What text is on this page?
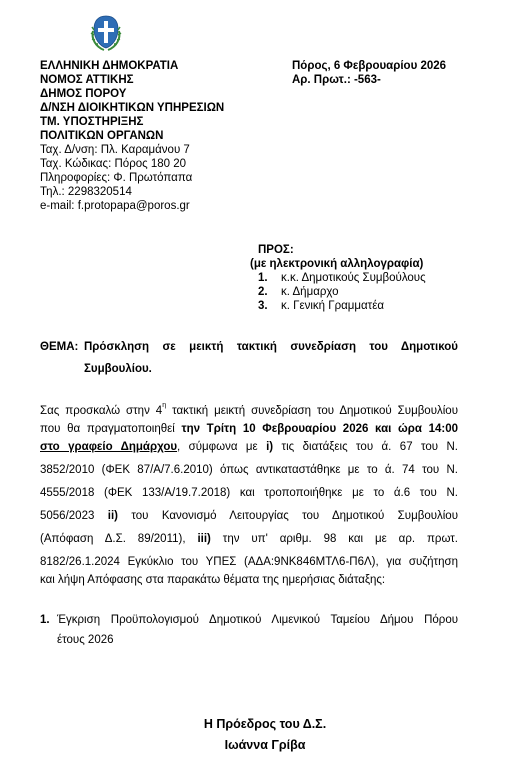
ΕΛΛΗΝΙΚΗ ΔΗΜΟΚΡΑΤΙΑ
ΝΟΜΟΣ ΑΤΤΙΚΗΣ
ΔΗΜΟΣ ΠΟΡΟΥ
Δ/ΝΣΗ ΔΙΟΙΚΗΤΙΚΩΝ ΥΠΗΡΕΣΙΩΝ
ΤΜ. ΥΠΟΣΤΗΡΙΞΗΣ
ΠΟΛΙΤΙΚΩΝ ΟΡΓΑΝΩΝ
Ταχ. Δ/νση: Πλ. Καραμάνου 7
Ταχ. Κώδικας: Πόρος 180 20
Πληροφορίες: Φ. Πρωτόπαπα
Τηλ.: 2298320514
e-mail: f.protopapa@poros.gr
Πόρος, 6 Φεβρουαρίου 2026
Αρ. Πρωτ.: -563-
ΠΡΟΣ:
(με ηλεκτρονική αλληλογραφία)
1. κ.κ. Δημοτικούς Συμβούλους
2. κ. Δήμαρχο
3. κ. Γενική Γραμματέα
ΘΕΜΑ: Πρόσκληση σε μεικτή τακτική συνεδρίαση του Δημοτικού
Συμβουλίου.
Σας προσκαλώ στην $4^\eta$ τακτική μεικτή συνεδρίαση του Δημοτικού Συμβουλίου
που θα πραγματοποιηθεί την Τρίτη 10 Φεβρουαρίου 2026 και ώρα 14:00
στο γραφείο Δημάρχου, σύμφωνα με i) τις διατάξεις του ά. 67 του Ν.
3852/2010 (ΦΕΚ 87/Α/7.6.2010) όπως αντικαταστάθηκε με το ά. 74 του Ν.
4555/2018 (ΦΕΚ 133/Α/19.7.2018) και τροποποιήθηκε με το ά.6 του Ν.
5056/2023 ii) του Κανονισμό Λειτουργίας του Δημοτικού Συμβουλίου
(Απόφαση Δ.Σ. 89/2011), iii) την υπ' αριθμ. 98 και με αρ. πρωτ.
8182/26.1.2024 Εγκύκλιο του ΥΠΕΣ (ΑΔΑ:9ΝΚ846ΜΤΛ6-Π6Λ), για συζήτηση
και λήψη Απόφασης στα παρακάτω θέματα της ημερήσιας διάταξης:
1. Έγκριση Προϋπολογισμού Δημοτικού Λιμενικού Ταμείου Δήμου Πόρου
έτους 2026
Η Πρόεδρος του Δ.Σ.
Ιωάννα Γρίβα
